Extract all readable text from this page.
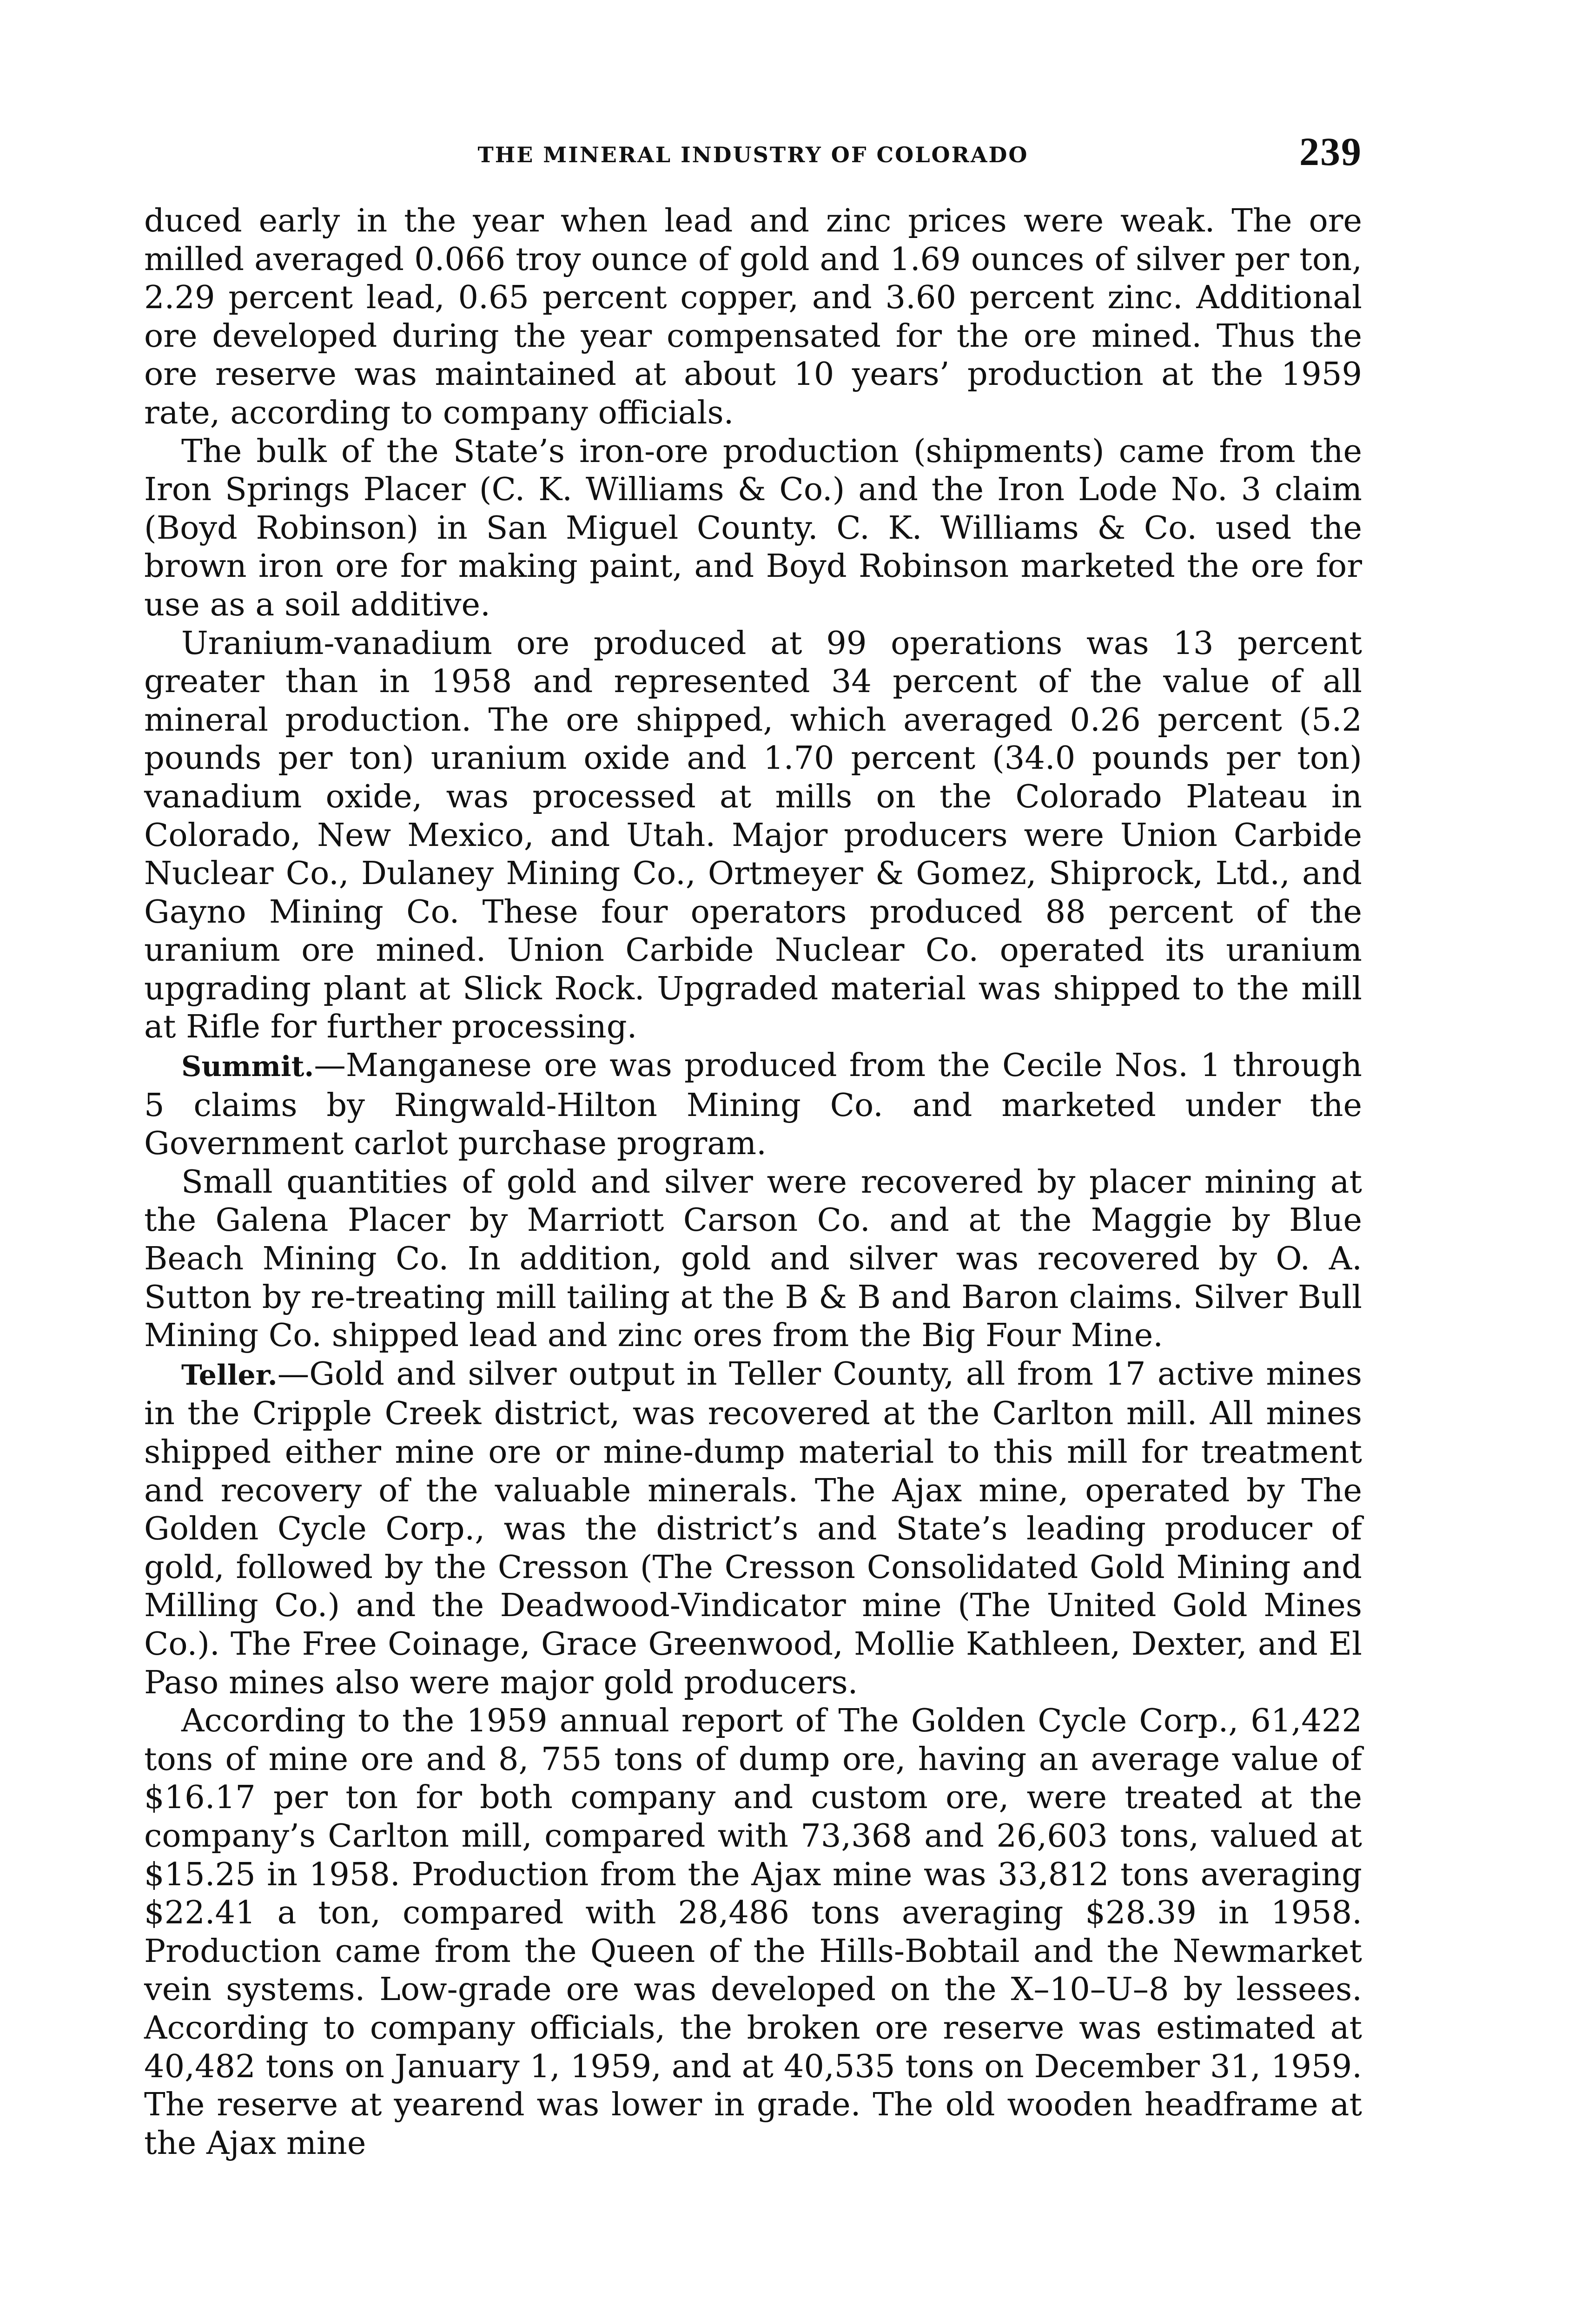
THE MINERAL INDUSTRY OF COLORADO	239

duced early in the year when lead and zinc prices were weak. The ore milled averaged 0.066 troy ounce of gold and 1.69 ounces of silver per ton, 2.29 percent lead, 0.65 percent copper, and 3.60 percent zinc. Additional ore developed during the year compensated for the ore mined. Thus the ore reserve was maintained at about 10 years’ production at the 1959 rate, according to company officials.

The bulk of the State’s iron-ore production (shipments) came from the Iron Springs Placer (C. K. Williams & Co.) and the Iron Lode No. 3 claim (Boyd Robinson) in San Miguel County. C. K. Williams & Co. used the brown iron ore for making paint, and Boyd Robinson marketed the ore for use as a soil additive.

Uranium-vanadium ore produced at 99 operations was 13 percent greater than in 1958 and represented 34 percent of the value of all mineral production. The ore shipped, which averaged 0.26 percent (5.2 pounds per ton) uranium oxide and 1.70 percent (34.0 pounds per ton) vanadium oxide, was processed at mills on the Colorado Plateau in Colorado, New Mexico, and Utah. Major producers were Union Carbide Nuclear Co., Dulaney Mining Co., Ortmeyer & Gomez, Shiprock, Ltd., and Gayno Mining Co. These four operators produced 88 percent of the uranium ore mined. Union Carbide Nuclear Co. operated its uranium upgrading plant at Slick Rock. Upgraded material was shipped to the mill at Rifle for further processing.

Summit.—Manganese ore was produced from the Cecile Nos. 1 through 5 claims by Ringwald-Hilton Mining Co. and marketed under the Government carlot purchase program.

Small quantities of gold and silver were recovered by placer mining at the Galena Placer by Marriott Carson Co. and at the Maggie by Blue Beach Mining Co. In addition, gold and silver was recovered by O. A. Sutton by re-treating mill tailing at the B & B and Baron claims. Silver Bull Mining Co. shipped lead and zinc ores from the Big Four Mine.

Teller.—Gold and silver output in Teller County, all from 17 active mines in the Cripple Creek district, was recovered at the Carlton mill. All mines shipped either mine ore or mine-dump material to this mill for treatment and recovery of the valuable minerals. The Ajax mine, operated by The Golden Cycle Corp., was the district’s and State’s leading producer of gold, followed by the Cresson (The Cresson Consolidated Gold Mining and Milling Co.) and the Deadwood-Vindicator mine (The United Gold Mines Co.). The Free Coinage, Grace Greenwood, Mollie Kathleen, Dexter, and El Paso mines also were major gold producers.

According to the 1959 annual report of The Golden Cycle Corp., 61,422 tons of mine ore and 8, 755 tons of dump ore, having an average value of $16.17 per ton for both company and custom ore, were treated at the company’s Carlton mill, compared with 73,368 and 26,603 tons, valued at $15.25 in 1958. Production from the Ajax mine was 33,812 tons averaging $22.41 a ton, compared with 28,486 tons averaging $28.39 in 1958. Production came from the Queen of the Hills-Bobtail and the Newmarket vein systems. Low-grade ore was developed on the X–10–U–8 by lessees. According to company officials, the broken ore reserve was estimated at 40,482 tons on January 1, 1959, and at 40,535 tons on December 31, 1959. The reserve at yearend was lower in grade. The old wooden headframe at the Ajax mine
